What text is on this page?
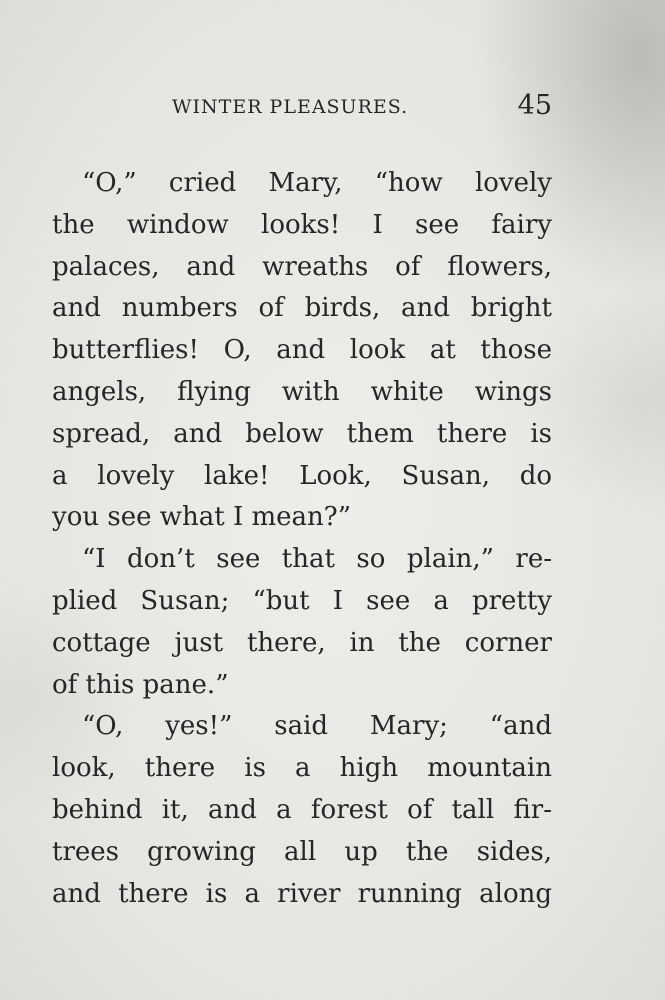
WINTER PLEASURES.	45
“O,” cried Mary, “how lovely
the window looks! I see fairy
palaces, and wreaths of flowers,
and numbers of birds, and bright
butterflies! O, and look at those
angels, flying with white wings
spread, and below them there is
a lovely lake! Look, Susan, do
you see what I mean?”
“I don’t see that so plain,” re-
plied Susan; “but I see a pretty
cottage just there, in the corner
of this pane.”
“O, yes!” said Mary; “and
look, there is a high mountain
behind it, and a forest of tall fir-
trees growing all up the sides,
and there is a river running along
